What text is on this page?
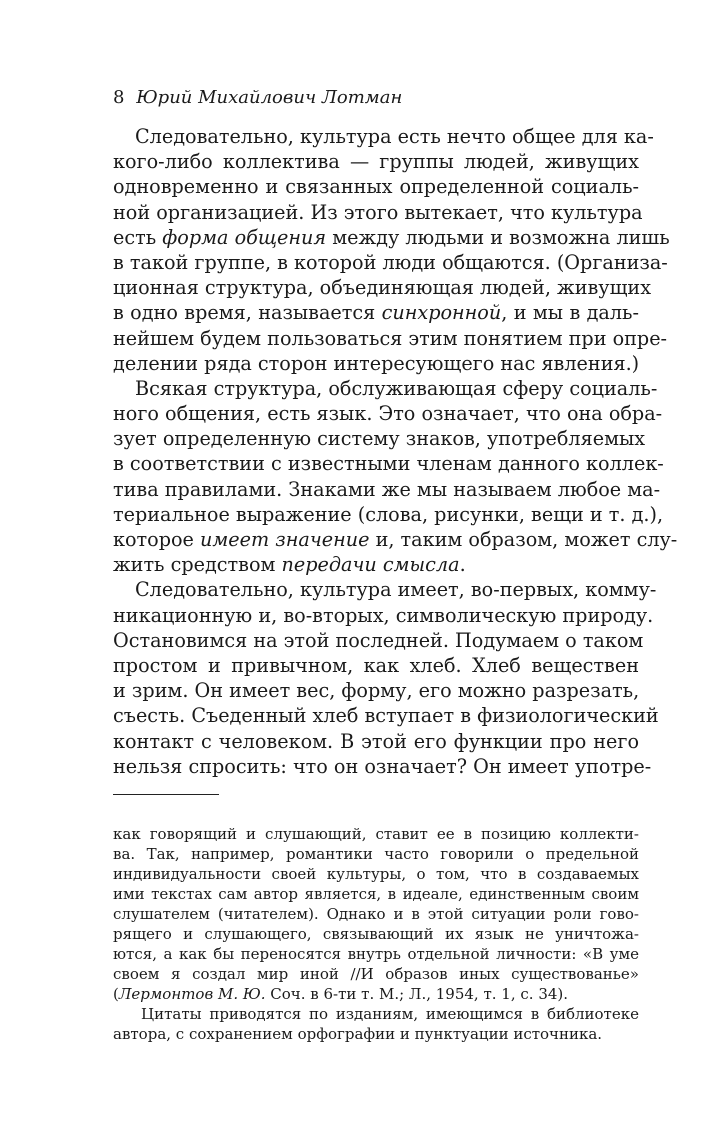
8 Юрий Михайлович Лотман
Следовательно, культура есть нечто общее для ка-
кого-либо коллектива — группы людей, живущих
одновременно и связанных определенной социаль-
ной организацией. Из этого вытекает, что культура
есть форма общения между людьми и возможна лишь
в такой группе, в которой люди общаются. (Организа-
ционная структура, объединяющая людей, живущих
в одно время, называется синхронной, и мы в даль-
нейшем будем пользоваться этим понятием при опре-
делении ряда сторон интересующего нас явления.)
Всякая структура, обслуживающая сферу социаль-
ного общения, есть язык. Это означает, что она обра-
зует определенную систему знаков, употребляемых
в соответствии с известными членам данного коллек-
тива правилами. Знаками же мы называем любое ма-
териальное выражение (слова, рисунки, вещи и т. д.),
которое имеет значение и, таким образом, может слу-
жить средством передачи смысла.
Следовательно, культура имеет, во-первых, комму-
никационную и, во-вторых, символическую природу.
Остановимся на этой последней. Подумаем о таком
простом и привычном, как хлеб. Хлеб веществен
и зрим. Он имеет вес, форму, его можно разрезать,
съесть. Съеденный хлеб вступает в физиологический
контакт с человеком. В этой его функции про него
нельзя спросить: что он означает? Он имеет употре-
как говорящий и слушающий, ставит ее в позицию коллекти-
ва. Так, например, романтики часто говорили о предельной
индивидуальности своей культуры, о том, что в создаваемых
ими текстах сам автор является, в идеале, единственным своим
слушателем (читателем). Однако и в этой ситуации роли гово-
рящего и слушающего, связывающий их язык не уничтожа-
ются, а как бы переносятся внутрь отдельной личности: «В уме
своем я создал мир иной //И образов иных существованье»
(Лермонтов М. Ю. Соч. в 6-ти т. М.; Л., 1954, т. 1, с. 34).
Цитаты приводятся по изданиям, имеющимся в библиотеке
автора, с сохранением орфографии и пунктуации источника.
